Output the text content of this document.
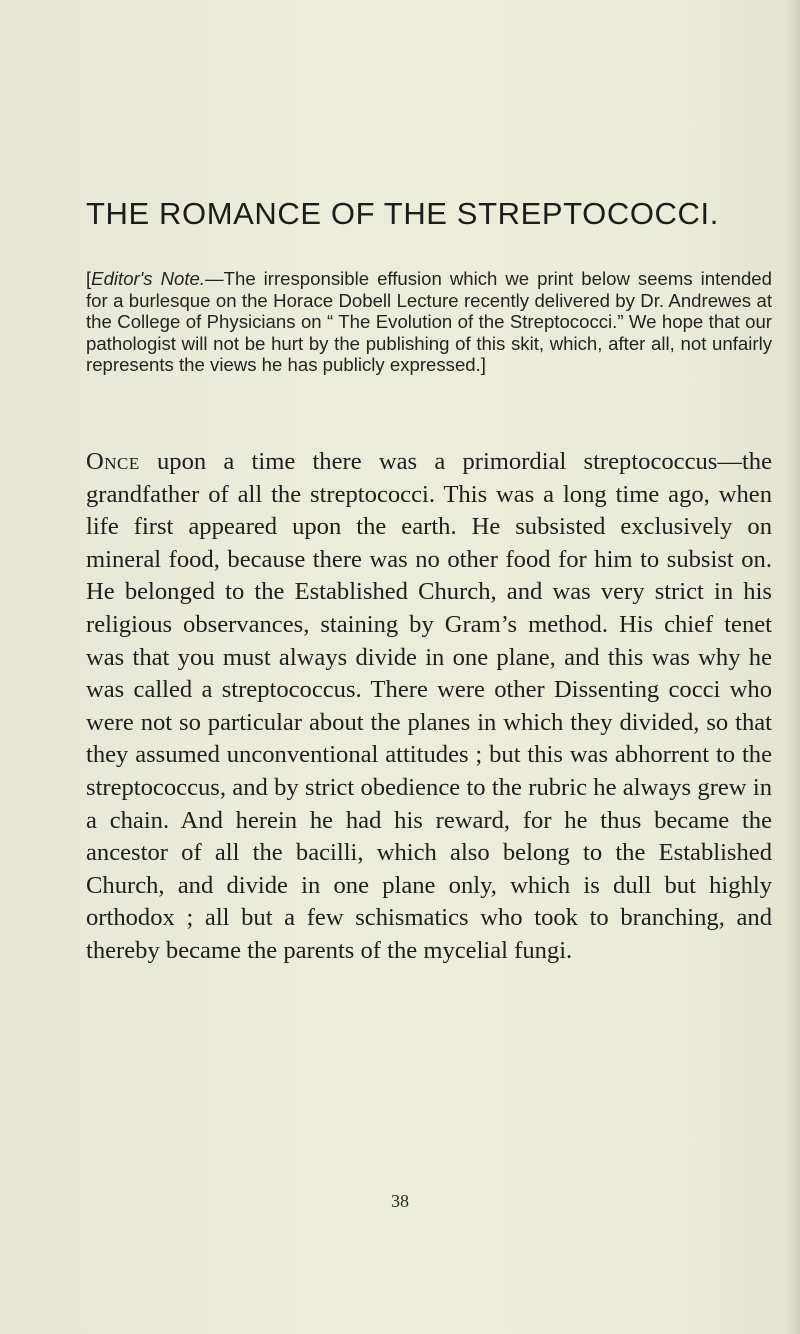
THE ROMANCE OF THE STREPTOCOCCI.

[Editor's Note.—The irresponsible effusion which we print below seems intended for a burlesque on the Horace Dobell Lecture recently delivered by Dr. Andrewes at the College of Physicians on “ The Evolution of the Streptococci.” We hope that our pathologist will not be hurt by the publishing of this skit, which, after all, not unfairly represents the views he has publicly expressed.]

Once upon a time there was a primordial streptococcus—the grandfather of all the streptococci. This was a long time ago, when life first appeared upon the earth. He subsisted exclusively on mineral food, because there was no other food for him to subsist on. He belonged to the Established Church, and was very strict in his religious observances, staining by Gram’s method. His chief tenet was that you must always divide in one plane, and this was why he was called a streptococcus. There were other Dissenting cocci who were not so particular about the planes in which they divided, so that they assumed unconventional attitudes ; but this was abhorrent to the streptococcus, and by strict obedience to the rubric he always grew in a chain. And herein he had his reward, for he thus became the ancestor of all the bacilli, which also belong to the Established Church, and divide in one plane only, which is dull but highly orthodox ; all but a few schismatics who took to branching, and thereby became the parents of the mycelial fungi.

38
